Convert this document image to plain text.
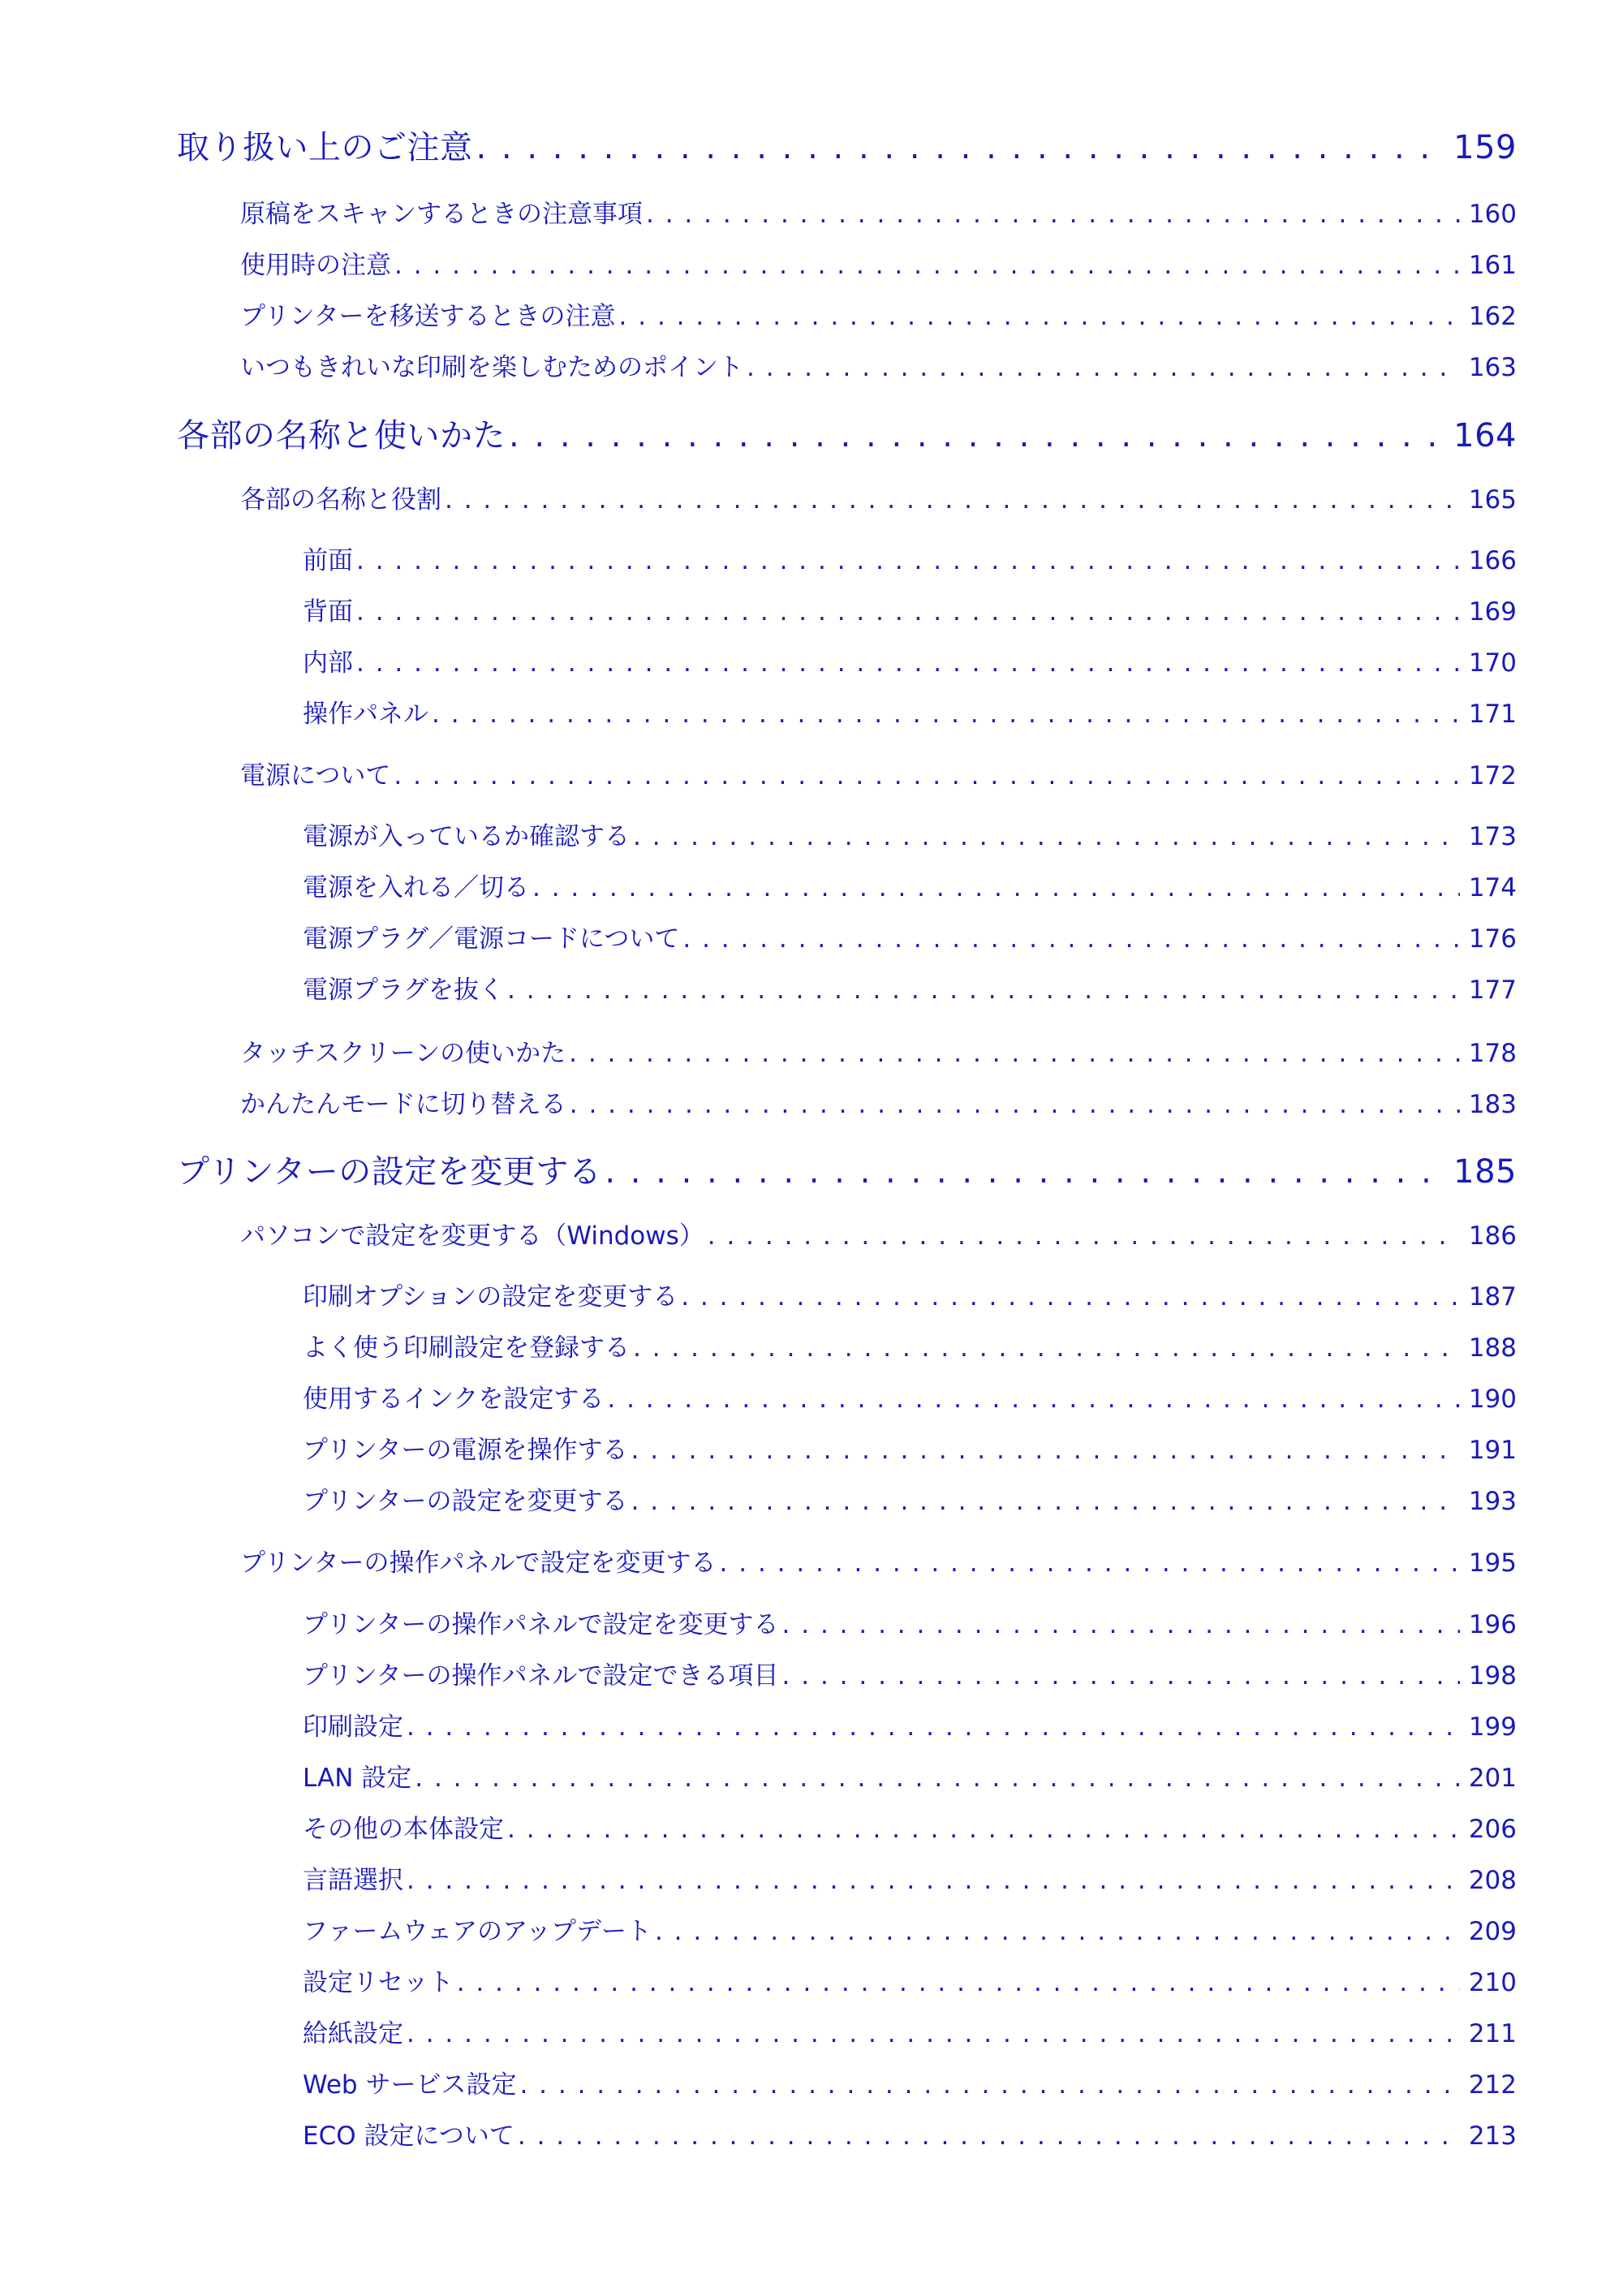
取り扱い上のご注意 . . .	159
原稿をスキャンするときの注意事項 . . .	160
使用時の注意 . . .	161
プリンターを移送するときの注意 . . .	162
いつもきれいな印刷を楽しむためのポイント . . .	163
各部の名称と使いかた . . .	164
各部の名称と役割 . . .	165
前面 . . .	166
背面 . . .	169
内部 . . .	170
操作パネル . . .	171
電源について . . .	172
電源が入っているか確認する . . .	173
電源を入れる／切る . . .	174
電源プラグ／電源コードについて . . .	176
電源プラグを抜く . . .	177
タッチスクリーンの使いかた . . .	178
かんたんモードに切り替える . . .	183
プリンターの設定を変更する . . .	185
パソコンで設定を変更する（Windows） . . .	186
印刷オプションの設定を変更する . . .	187
よく使う印刷設定を登録する . . .	188
使用するインクを設定する . . .	190
プリンターの電源を操作する . . .	191
プリンターの設定を変更する . . .	193
プリンターの操作パネルで設定を変更する . . .	195
プリンターの操作パネルで設定を変更する . . .	196
プリンターの操作パネルで設定できる項目 . . .	198
印刷設定 . . .	199
LAN 設定 . . .	201
その他の本体設定 . . .	206
言語選択 . . .	208
ファームウェアのアップデート . . .	209
設定リセット . . .	210
給紙設定 . . .	211
Web サービス設定 . . .	212
ECO 設定について . . .	213
